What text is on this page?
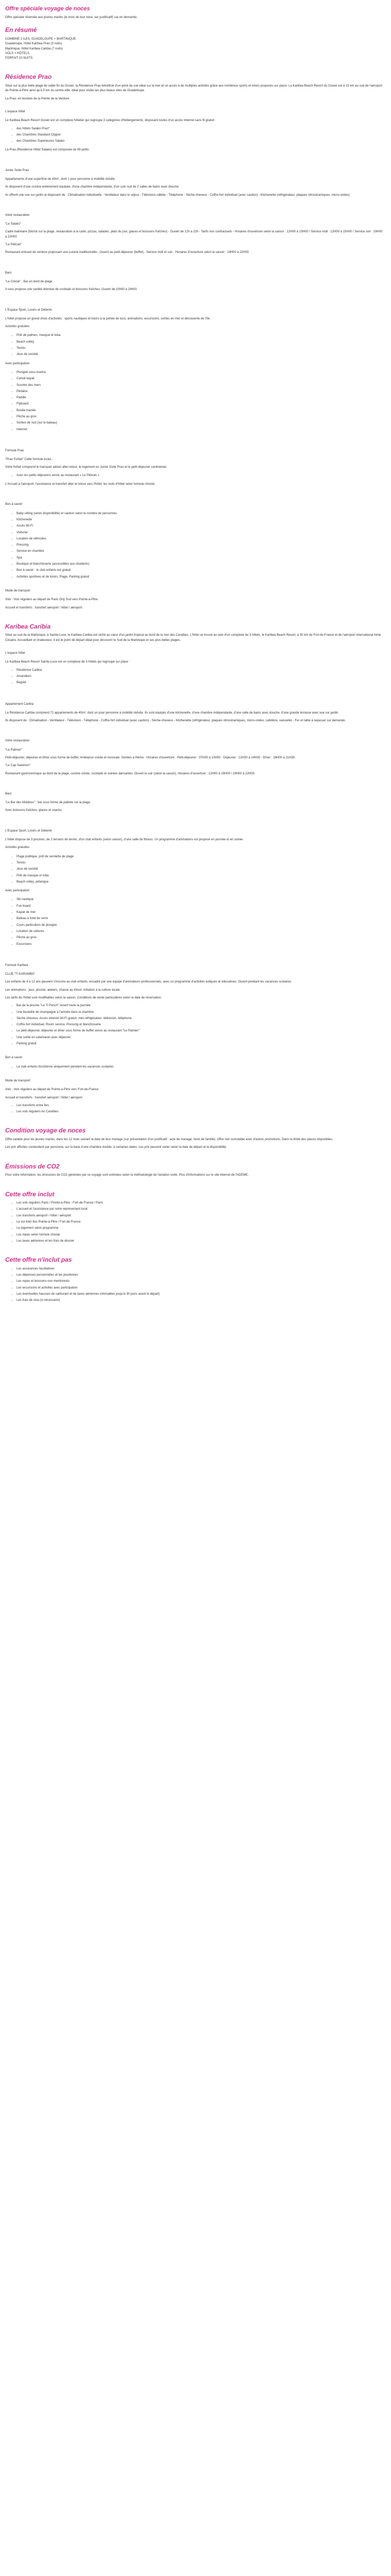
Offre spéciale voyage de noces

Offre spéciale réservée aux jeunes mariés (le mois de leur noce, sur justificatif) car en demande.

En résumé

COMBINÉ 2 ILES, GUADELOUPE + MARTINIQUE

Guadeloupe, Hôtel Karibea Prao (3 nuits)

Martinique, Hôtel Karibea Caribia (7 nuits)

VOLS + HÔTELS

FORFAIT 10 NUITS

Résidence Prao

Situé sur la plus belle plage de sable fin du Gosier, la Résidence Prao bénéficie d'un point de vue idéal sur la mer et un accès à de multiples activités grâce aux nombreux sports et loisirs proposés sur place. La Karibea Beach Resort du Gosier est à 15 km au sud de l'aéroport de Pointe-à-Pitre ainsi qu'à 5 km du centre-ville, idéal pour visiter les plus beaux sites de Guadeloupe.

La Prao, en bordure de la Pointe de la Verdure

L'espace hôtel

Le Karibea Beach Resort Gosier est un complexe hôtelier qui regroupe 3 catégories d'hébergements, disposant toutes d'un accès Internet sans fil gratuit :

• des hôtels Salako Prao*
• des Chambres Standard Clipper
• des Chambres Supérieures Salako

La Prao (Résidence Hôtel Salako) est composée de 69 petits

Junior Suite Prao

Appartements d'une superficie de 43m², dont 1 pour personne à mobilité réduite.

Ils disposent d'une cuisine entièrement équipée, d'une chambre indépendante, d'un coin nuit de 2 salles de bains avec douche.

Ils offrent une vue sur jardin et disposent de : Climatisation individuelle - Ventilateur dans le séjour - Télévision câblée - Téléphone - Sèche-cheveux - Coffre-fort individuel (avec caution) - Kitchenette (réfrigérateur, plaques vitrocéramiques, micro-ondes)

Votre restauration

"Le Salako"

Cadre balnéaire (bistrot sur la plage, restauration à la carte, pizzas, salades, plats du jour, glaces et boissons fraîches) - Ouvert de 12h à 22h - Tarifs non contractuels - Horaires d'ouverture selon la saison : 12H00 à 15H00 / Service midi : 12H00 à 15H00 / Service soir : 19H00 à 22H00

"Le Pélican"

Restaurant entouré de verdure proposant une cuisine traditionnelle - Ouvert au petit-déjeuner (buffet) - Service midi et soir - Horaires d'ouverture selon la saison : 19H00 à 22H00

Bars

"Le Créole" : Bar en bord de plage

Il vous propose une variété étendue de cocktails et boissons fraîches. Ouvert de 10h00 à 24h00.

L'Espace Sport, Loisirs et Détente

L'hôtel propose un grand choix d'activités : sports nautiques et loisirs à la portée de tous, animations, excursions, sorties en mer et découverte de l'île.

Activités gratuites

• Prêt de palmes, masque et tuba
• Beach volley
• Tennis
• Jeux de société

Avec participation

• Plongée sous-marine
• Canoë kayak
• Scooter des mers
• Pédalos
• Paddle
• Flyboard
• Bouée tractée
• Pêche au gros
• Sorties de nuit (sur le bateau)
• Internet

Formule Prao

"Prao Forfait" Cette formule inclut...

Votre forfait comprend le transport aérien aller-retour, le logement en Junior Suite Prao et le petit-déjeuner continental.

• Avec les petits déjeuners servis au restaurant « Le Pélican »

L'Accueil à l'aéroport, l'assistance et transfert aller et retour vers l'hôtel, les nuits d'hôtel selon formule choisie.

Bon à savoir

• Baby-sitting (selon disponibilité) et caution selon le nombre de personnes
• Kitchenette
• Accès Wi-Fi
• Voiturier
• Location de véhicules
• Pressing
• Service en chambre
• Spa
• Boutique et blanchisserie (accessibles aux résidents)
• Bon à savoir : le club enfants est gratuit
• Activités sportives et de loisirs, Plage, Parking gratuit

Mode de transport

Vols : Vols réguliers au départ de Paris Orly Sud vers Pointe-à-Pitre.

Accueil et transferts : transfert aéroport / hôtel / aéroport.

Karibea Caribia

Situé au sud de la Martinique, à Sainte-Luce, le Karibea Caribia est niché au cœur d'un jardin tropical au bord de la mer des Caraïbes. L'hôtel se trouve au sein d'un complexe de 3 hôtels, le Karibea Beach Resort, à 30 km de Fort-de-France et de l'aéroport international Aimé Césaire. Accueillant et chaleureux, il est le point de départ idéal pour découvrir le Sud de la Martinique et ses plus belles plages.

L'espace hôtel

Le Karibea Beach Resort Sainte-Luce est un complexe de 3 hôtels qui regroupe sur place :

• Résidence Caribia
• Amandiers
• Baguié

Appartement Caribia

La Résidence Caribia comprend 72 appartements de 40m², dont un pour personne à mobilité réduite. Ils sont équipés d'une kitchenette, d'une chambre indépendante, d'une salle de bains avec douche, d'une grande terrasse avec vue sur jardin.

Ils disposent de : Climatisation - Ventilateur - Télévision - Téléphone - Coffre-fort individuel (avec caution) - Sèche-cheveux - Kitchenette (réfrigérateur, plaques vitrocéramiques, micro-ondes, cafetière, vaisselle) - Fer et table à repasser sur demande.

Votre restauration

"Le Palmier"

Petit-déjeuner, déjeuner et dîner sous forme de buffet. Ambiance créole et musicale. Soirées à thème - Horaires d'ouverture : Petit-déjeuner : 07H00 à 10H00 - Déjeuner : 12H30 à 14H30 - Dîner : 19H00 à 21H30.

"Le Cap Salomon"

Restaurant gastronomique au bord de la plage, cuisine créole, cocktails et soirées dansantes. Ouvert le soir (selon la saison). Horaires d'ouverture : 12H00 à 15H00 / 19H00 à 22H00.

Bars

"Le Bar des Mulâtres" : bar sous forme de paillote sur la plage

Avec boissons fraîches, glaces et snacks.

L'Espace Sport, Loisirs et Détente

L'hôtel dispose de 3 piscines, de 2 terrains de tennis, d'un club enfants (selon saison), d'une salle de fitness. Un programme d'animations est proposé en journée et en soirée.

Activités gratuites

• Plage publique, prêt de serviette de plage
• Tennis
• Jeux de société
• Prêt de masque et tuba
• Beach volley, pétanque

Avec participation

• Ski nautique
• Fun board
• Kayak de mer
• Bateau à fond de verre
• Cours particuliers de plongée
• Location de voitures
• Pêche au gros
• Excursions

Formule Karibea

CLUB "TI KARAMBA"

Les enfants de 4 à 12 ans peuvent s'inscrire au club enfants, encadré par une équipe d'animateurs professionnels, avec un programme d'activités ludiques et éducatives. Ouvert pendant les vacances scolaires.

Les animations : jeux, piscine, ateliers, chasse au trésor, initiation à la culture locale.

Les tarifs de l'hôtel sont modifiables selon la saison. Conditions de vente particulières selon la date de réservation.

• Bar de la piscine "Le Ti Punch" ouvert toute la journée
• Une bouteille de champagne à l'arrivée dans la chambre
• Sèche-cheveux, Accès internet Wi-Fi gratuit, mini-réfrigérateur, télévision, téléphone
• Coffre-fort individuel, Room service, Pressing et blanchisserie
• Le petit-déjeuner, déjeuner et dîner sous forme de buffet servis au restaurant "Le Palmier"
• Une sortie en catamaran avec déjeuner
• Parking gratuit

Bon à savoir

• Le club enfants fonctionne uniquement pendant les vacances scolaires

Mode de transport

Vols : Vols réguliers au départ de Pointe-à-Pitre vers Fort-de-France.

Accueil et transferts : transfert aéroport / hôtel / aéroport.

• Les transferts entre îles
• Les vols réguliers Air Caraïbes
Condition voyage de noces

Offre valable pour les jeunes mariés, dans les 12 mois suivant la date de leur mariage (sur présentation d'un justificatif : acte de mariage, livret de famille). Offre non cumulable avec d'autres promotions. Dans la limite des places disponibles.

Les prix affichés s'entendent par personne, sur la base d'une chambre double, à certaines dates. Les prix peuvent varier selon la date de départ et la disponibilité.

Émissions de CO2

Pour votre information, les émissions de CO2 générées par ce voyage sont estimées selon la méthodologie de l'aviation civile. Plus d'informations sur le site internet de l'ADEME.

Cette offre inclut
• Les vols réguliers Paris / Pointe-à-Pitre - Fort-de-France / Paris
• L'accueil et l'assistance par notre représentant local
• Les transferts aéroport / hôtel / aéroport
• Le vol inter-îles Pointe-à-Pitre / Fort-de-France
• Le logement selon programme
• Les repas selon formule choisie
• Les taxes aériennes et les frais de dossier
Cette offre n'inclut pas
• Les assurances facultatives
• Les dépenses personnelles et les pourboires
• Les repas et boissons non mentionnés
• Les excursions et activités avec participation
• Les éventuelles hausses de carburant et de taxes aériennes (révisables jusqu'à 30 jours avant le départ)
• Les frais de visa (si nécessaire)
